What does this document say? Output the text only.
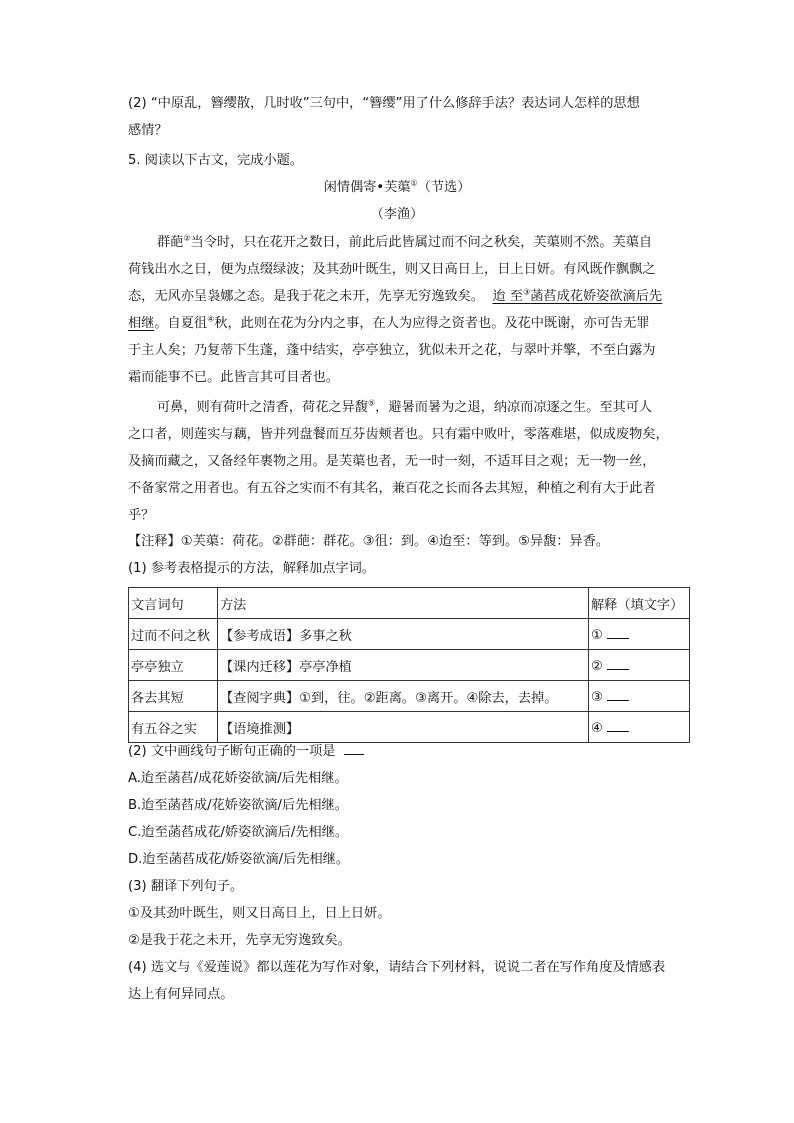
(2) “中原乱，簪缨散，几时收”三句中，“簪缨”用了什么修辞手法？表达词人怎样的思想
感情？
5. 阅读以下古文，完成小题。
闲情偶寄•芙蕖①（节选）
（李渔）
群葩②当令时，只在花开之数日，前此后此皆属过而不问之秋矣，芙蕖则不然。芙蕖自
荷钱出水之日，便为点缀绿波；及其劲叶既生，则又日高日上，日上日妍。有风既作飘飘之
态，无风亦呈袅娜之态。是我于花之未开，先享无穷逸致矣。 迨 至③菡萏成花娇姿欲滴后先
相继。自夏徂④秋，此则在花为分内之事，在人为应得之资者也。及花中既谢，亦可告无罪
于主人矣；乃复蒂下生蓬，蓬中结实，亭亭独立，犹似未开之花，与翠叶并擎，不至白露为
霜而能事不已。此皆言其可目者也。
可鼻，则有荷叶之清香，荷花之异馥⑤，避暑而暑为之退，纳凉而凉逐之生。至其可人
之口者，则莲实与藕，皆并列盘餐而互芬齿颊者也。只有霜中败叶，零落难堪，似成废物矣，
及摘而藏之，又备经年裹物之用。是芙蕖也者，无一时一刻，不适耳目之观；无一物一丝，
不备家常之用者也。有五谷之实而不有其名，兼百花之长而各去其短，种植之利有大于此者
乎？
【注释】①芙蕖：荷花。②群葩：群花。③徂：到。④迨至：等到。⑤异馥：异香。
(1) 参考表格提示的方法，解释加点字词。
文言词句	方法	解释（填文字）
过而不问之秋	【参考成语】多事之秋	①
亭亭独立	【课内迁移】亭亭净植	②
各去其短	【查阅字典】①到，往。②距离。③离开。④除去，去掉。	③
有五谷之实	【语境推测】	④
(2) 文中画线句子断句正确的一项是
A.迨至菡萏/成花娇姿欲滴/后先相继。
B.迨至菡萏成/花娇姿欲滴/后先相继。
C.迨至菡萏成花/娇姿欲滴后/先相继。
D.迨至菡萏成花/娇姿欲滴/后先相继。
(3) 翻译下列句子。
①及其劲叶既生，则又日高日上，日上日妍。
②是我于花之未开，先享无穷逸致矣。
(4) 选文与《爱莲说》都以莲花为写作对象，请结合下列材料，说说二者在写作角度及情感表
达上有何异同点。
